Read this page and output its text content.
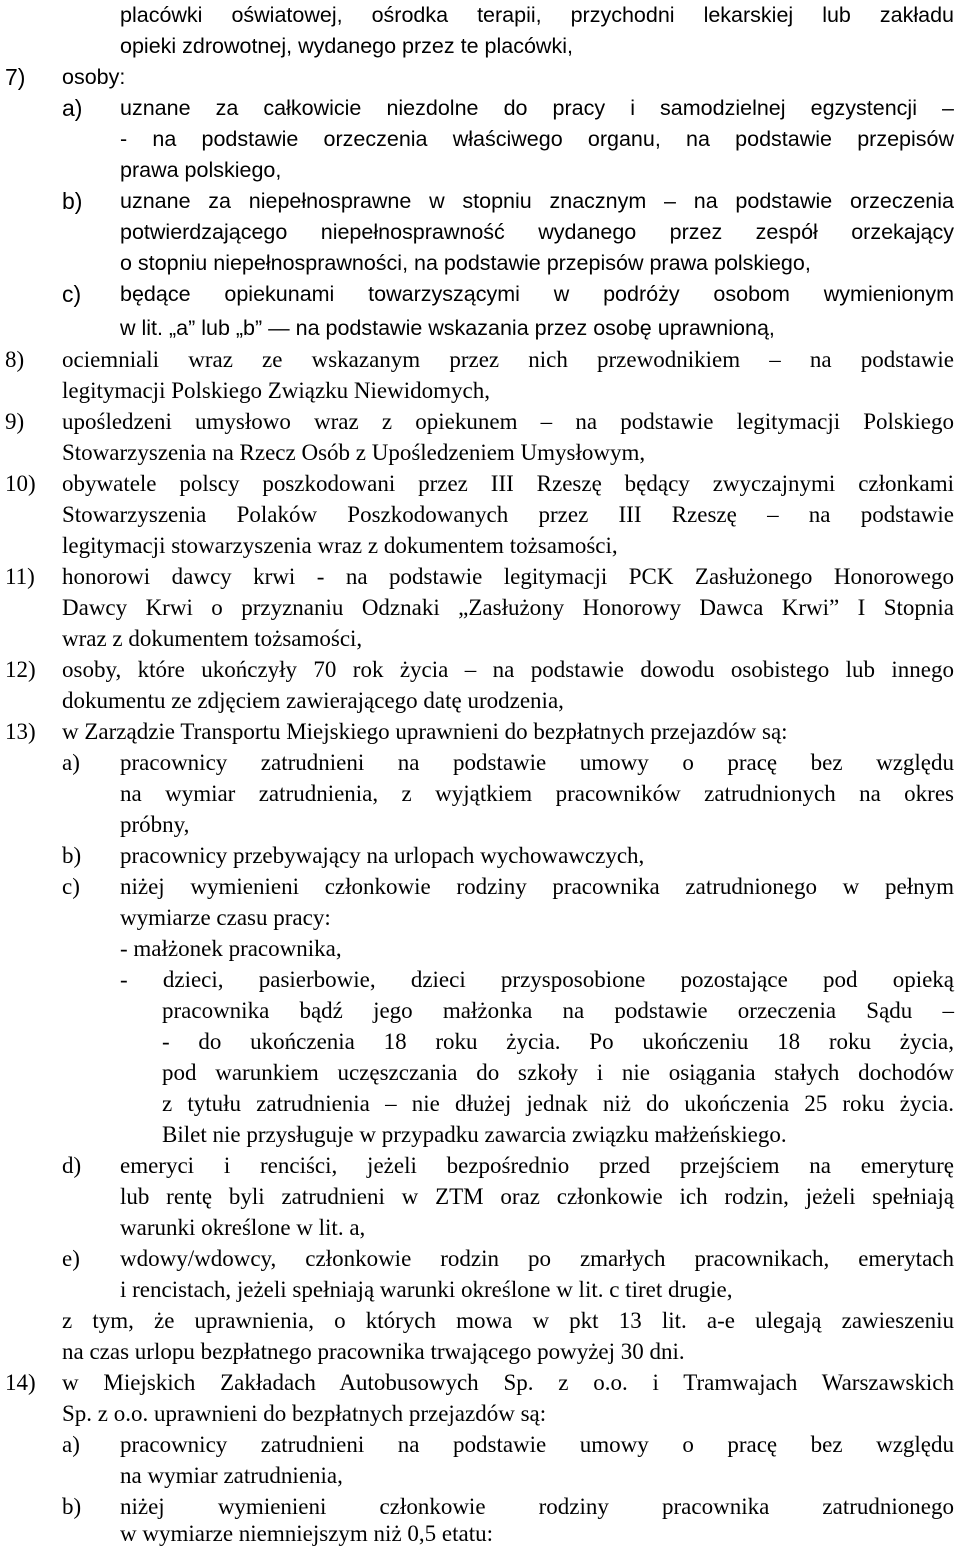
placówki oświatowej, ośrodka terapii, przychodni lekarskiej lub zakładu
opieki zdrowotnej, wydanego przez te placówki,
7) osoby:
a) uznane za całkowicie niezdolne do pracy i samodzielnej egzystencji –
- na podstawie orzeczenia właściwego organu, na podstawie przepisów
prawa polskiego,
b) uznane za niepełnosprawne w stopniu znacznym – na podstawie orzeczenia
potwierdzającego niepełnosprawność wydanego przez zespół orzekający
o stopniu niepełnosprawności, na podstawie przepisów prawa polskiego,
c) będące opiekunami towarzyszącymi w podróży osobom wymienionym
w lit. „a” lub „b” — na podstawie wskazania przez osobę uprawnioną,
8) ociemniali wraz ze wskazanym przez nich przewodnikiem – na podstawie
legitymacji Polskiego Związku Niewidomych,
9) upośledzeni umysłowo wraz z opiekunem – na podstawie legitymacji Polskiego
Stowarzyszenia na Rzecz Osób z Upośledzeniem Umysłowym,
10) obywatele polscy poszkodowani przez III Rzeszę będący zwyczajnymi członkami
Stowarzyszenia Polaków Poszkodowanych przez III Rzeszę – na podstawie
legitymacji stowarzyszenia wraz z dokumentem tożsamości,
11) honorowi dawcy krwi - na podstawie legitymacji PCK Zasłużonego Honorowego
Dawcy Krwi o przyznaniu Odznaki „Zasłużony Honorowy Dawca Krwi” I Stopnia
wraz z dokumentem tożsamości,
12) osoby, które ukończyły 70 rok życia – na podstawie dowodu osobistego lub innego
dokumentu ze zdjęciem zawierającego datę urodzenia,
13) w Zarządzie Transportu Miejskiego uprawnieni do bezpłatnych przejazdów są:
a) pracownicy zatrudnieni na podstawie umowy o pracę bez względu
na wymiar zatrudnienia, z wyjątkiem pracowników zatrudnionych na okres
próbny,
b) pracownicy przebywający na urlopach wychowawczych,
c) niżej wymienieni członkowie rodziny pracownika zatrudnionego w pełnym
wymiarze czasu pracy:
- małżonek pracownika,
- dzieci, pasierbowie, dzieci przysposobione pozostające pod opieką
pracownika bądź jego małżonka na podstawie orzeczenia Sądu –
- do ukończenia 18 roku życia. Po ukończeniu 18 roku życia,
pod warunkiem uczęszczania do szkoły i nie osiągania stałych dochodów
z tytułu zatrudnienia – nie dłużej jednak niż do ukończenia 25 roku życia.
Bilet nie przysługuje w przypadku zawarcia związku małżeńskiego.
d) emeryci i renciści, jeżeli bezpośrednio przed przejściem na emeryturę
lub rentę byli zatrudnieni w ZTM oraz członkowie ich rodzin, jeżeli spełniają
warunki określone w lit. a,
e) wdowy/wdowcy, członkowie rodzin po zmarłych pracownikach, emerytach
i rencistach, jeżeli spełniają warunki określone w lit. c tiret drugie,
z tym, że uprawnienia, o których mowa w pkt 13 lit. a-e ulegają zawieszeniu
na czas urlopu bezpłatnego pracownika trwającego powyżej 30 dni.
14) w Miejskich Zakładach Autobusowych Sp. z o.o. i Tramwajach Warszawskich
Sp. z o.o. uprawnieni do bezpłatnych przejazdów są:
a) pracownicy zatrudnieni na podstawie umowy o pracę bez względu
na wymiar zatrudnienia,
b) niżej wymienieni członkowie rodziny pracownika zatrudnionego
w wymiarze niemniejszym niż 0,5 etatu:
